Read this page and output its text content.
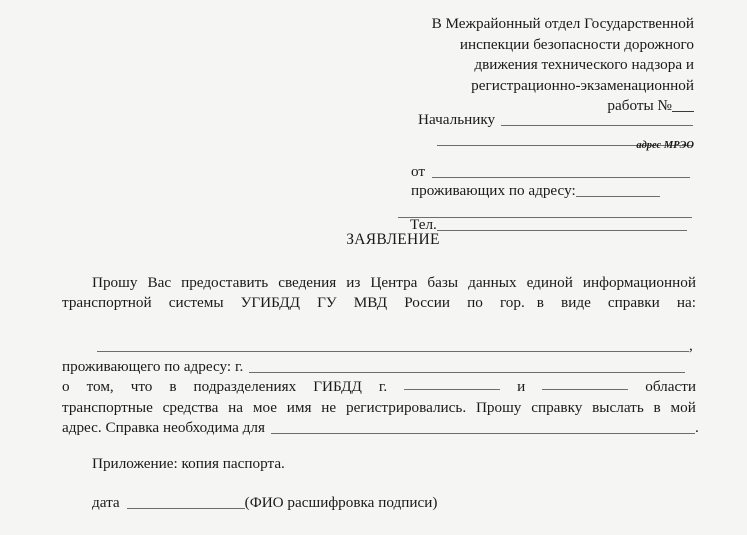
В Межрайонный отдел Государственной
инспекции безопасности дорожного
движения технического надзора и
регистрационно-экзаменационной
работы №
Начальнику
адрес МРЭО
от
проживающих по адресу:
Тел.
ЗАЯВЛЕНИЕ
Прошу Вас предоставить сведения из Центра базы данных единой информационной транспортной системы УГИБДД ГУ МВД России по гор. в виде справки на:
,
проживающего по адресу: г.
о том, что в подразделениях ГИБДД г.	и	области
транспортные средства на мое имя не регистрировались. Прошу справку выслать в мой
адрес. Справка необходима для	.
Приложение: копия паспорта.
дата	(ФИО расшифровка подписи)
